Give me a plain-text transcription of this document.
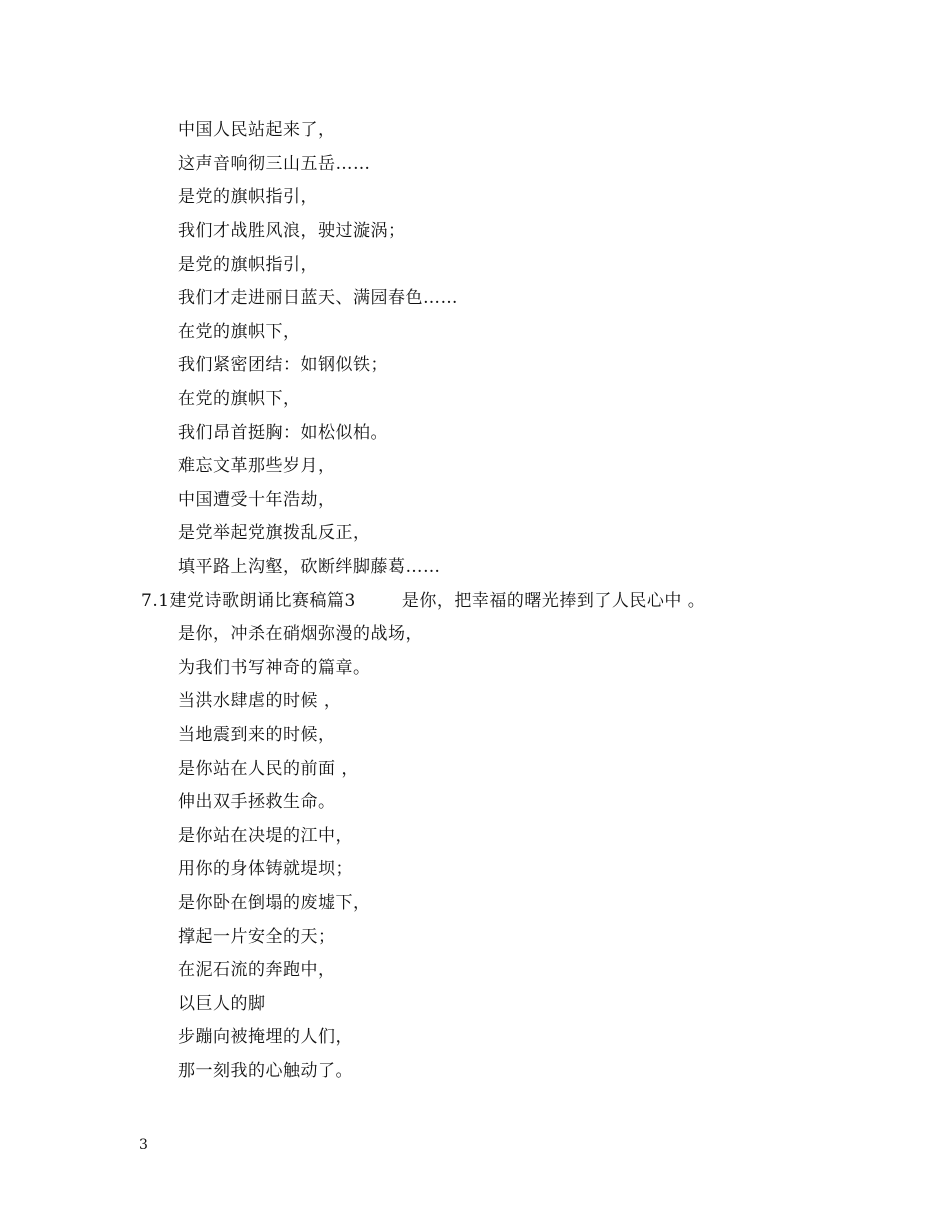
中国人民站起来了，
这声音响彻三山五岳……
是党的旗帜指引，
我们才战胜风浪，驶过漩涡；
是党的旗帜指引，
我们才走进丽日蓝天、满园春色……
在党的旗帜下，
我们紧密团结：如钢似铁；
在党的旗帜下，
我们昂首挺胸：如松似柏。
难忘文革那些岁月，
中国遭受十年浩劫，
是党举起党旗拨乱反正，
填平路上沟壑，砍断绊脚藤葛……
7.1建党诗歌朗诵比赛稿篇3	是你，把幸福的曙光捧到了人民心中 。
是你，冲杀在硝烟弥漫的战场，
为我们书写神奇的篇章。
当洪水肆虐的时候 ，
当地震到来的时候，
是你站在人民的前面 ，
伸出双手拯救生命。
是你站在决堤的江中，
用你的身体铸就堤坝；
是你卧在倒塌的废墟下，
撑起一片安全的天；
在泥石流的奔跑中，
以巨人的脚
步蹦向被掩埋的人们，
那一刻我的心触动了。
3
